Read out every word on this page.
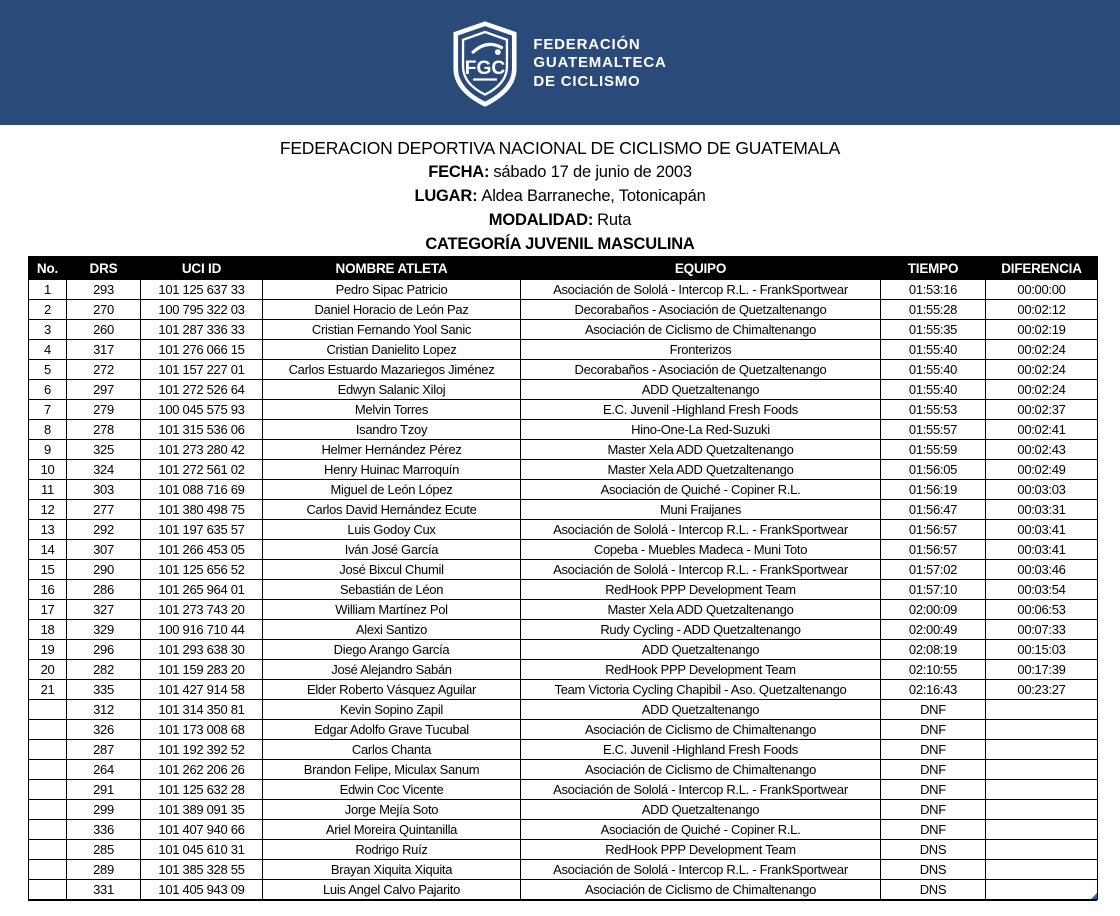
FGC
FEDERACIÓN
GUATEMALTECA
DE CICLISMO
FEDERACION DEPORTIVA NACIONAL DE CICLISMO DE GUATEMALA
FECHA: sábado 17 de junio de 2003
LUGAR: Aldea Barraneche, Totonicapán
MODALIDAD: Ruta
CATEGORÍA JUVENIL MASCULINA
No.	DRS	UCI ID	NOMBRE ATLETA	EQUIPO	TIEMPO	DIFERENCIA
1	293	101 125 637 33	Pedro Sipac Patricio	Asociación de Sololá - Intercop R.L. - FrankSportwear	01:53:16	00:00:00
2	270	100 795 322 03	Daniel Horacio de León Paz	Decorabaños - Asociación de Quetzaltenango	01:55:28	00:02:12
3	260	101 287 336 33	Cristian Fernando Yool Sanic	Asociación de Ciclismo de Chimaltenango	01:55:35	00:02:19
4	317	101 276 066 15	Cristian Danielito Lopez	Fronterizos	01:55:40	00:02:24
5	272	101 157 227 01	Carlos Estuardo Mazariegos Jiménez	Decorabaños - Asociación de Quetzaltenango	01:55:40	00:02:24
6	297	101 272 526 64	Edwyn Salanic Xiloj	ADD Quetzaltenango	01:55:40	00:02:24
7	279	100 045 575 93	Melvin Torres	E.C. Juvenil -Highland Fresh Foods	01:55:53	00:02:37
8	278	101 315 536 06	Isandro Tzoy	Hino-One-La Red-Suzuki	01:55:57	00:02:41
9	325	101 273 280 42	Helmer Hernández Pérez	Master Xela ADD Quetzaltenango	01:55:59	00:02:43
10	324	101 272 561 02	Henry Huinac Marroquín	Master Xela ADD Quetzaltenango	01:56:05	00:02:49
11	303	101 088 716 69	Miguel de León López	Asociación de Quiché - Copiner R.L.	01:56:19	00:03:03
12	277	101 380 498 75	Carlos David Hernández Ecute	Muni Fraijanes	01:56:47	00:03:31
13	292	101 197 635 57	Luis Godoy Cux	Asociación de Sololá - Intercop R.L. - FrankSportwear	01:56:57	00:03:41
14	307	101 266 453 05	Iván José García	Copeba - Muebles Madeca - Muni Toto	01:56:57	00:03:41
15	290	101 125 656 52	José Bixcul Chumil	Asociación de Sololá - Intercop R.L. - FrankSportwear	01:57:02	00:03:46
16	286	101 265 964 01	Sebastián de Léon	RedHook PPP Development Team	01:57:10	00:03:54
17	327	101 273 743 20	William Martínez Pol	Master Xela ADD Quetzaltenango	02:00:09	00:06:53
18	329	100 916 710 44	Alexi Santizo	Rudy Cycling - ADD Quetzaltenango	02:00:49	00:07:33
19	296	101 293 638 30	Diego Arango García	ADD Quetzaltenango	02:08:19	00:15:03
20	282	101 159 283 20	José Alejandro Sabán	RedHook PPP Development Team	02:10:55	00:17:39
21	335	101 427 914 58	Elder Roberto Vásquez Aguilar	Team Victoria Cycling Chapibil - Aso. Quetzaltenango	02:16:43	00:23:27
	312	101 314 350 81	Kevin Sopino Zapil	ADD Quetzaltenango	DNF	
	326	101 173 008 68	Edgar Adolfo Grave Tucubal	Asociación de Ciclismo de Chimaltenango	DNF	
	287	101 192 392 52	Carlos Chanta	E.C. Juvenil -Highland Fresh Foods	DNF	
	264	101 262 206 26	Brandon Felipe, Miculax Sanum	Asociación de Ciclismo de Chimaltenango	DNF	
	291	101 125 632 28	Edwin Coc Vicente	Asociación de Sololá - Intercop R.L. - FrankSportwear	DNF	
	299	101 389 091 35	Jorge Mejía Soto	ADD Quetzaltenango	DNF	
	336	101 407 940 66	Ariel Moreira Quintanilla	Asociación de Quiché - Copiner R.L.	DNF	
	285	101 045 610 31	Rodrigo Ruíz	RedHook PPP Development Team	DNS	
	289	101 385 328 55	Brayan Xiquita Xiquita	Asociación de Sololá - Intercop R.L. - FrankSportwear	DNS	
	331	101 405 943 09	Luis Angel Calvo Pajarito	Asociación de Ciclismo de Chimaltenango	DNS	
